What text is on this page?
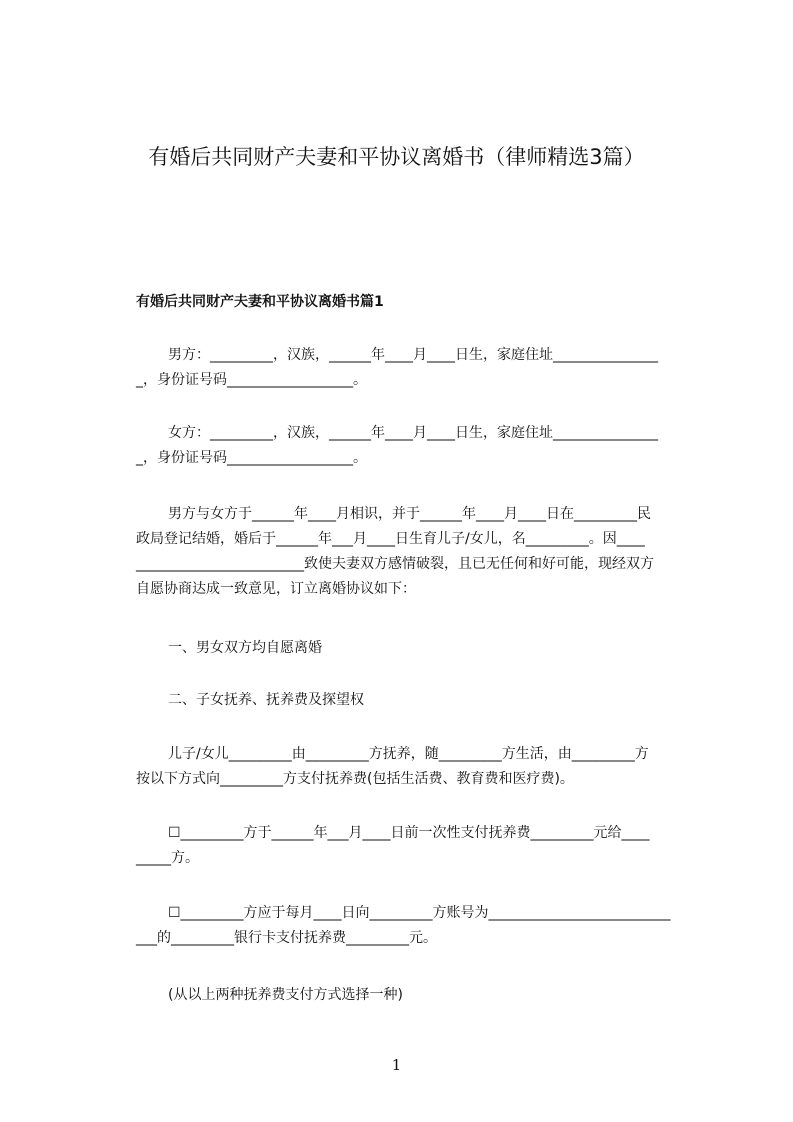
有婚后共同财产夫妻和平协议离婚书（律师精选3篇）
有婚后共同财产夫妻和平协议离婚书篇1
男方：_________，汉族，______年____月____日生，家庭住址_______________
_，身份证号码__________________。
女方：_________，汉族，______年____月____日生，家庭住址_______________
_，身份证号码__________________。
男方与女方于______年____月相识，并于______年____月____日在_________民
政局登记结婚，婚后于______年___月____日生育儿子/女儿，名_________。因____
________________________致使夫妻双方感情破裂，且已无任何和好可能，现经双方
自愿协商达成一致意见，订立离婚协议如下：
一、男女双方均自愿离婚
二、子女抚养、抚养费及探望权
儿子/女儿_________由_________方抚养，随_________方生活，由_________方
按以下方式向_________方支付抚养费(包括生活费、教育费和医疗费)。
☐_________方于______年___月____日前一次性支付抚养费_________元给____
_____方。
☐_________方应于每月____日向_________方账号为__________________________
___的_________银行卡支付抚养费_________元。
(从以上两种抚养费支付方式选择一种)
1
